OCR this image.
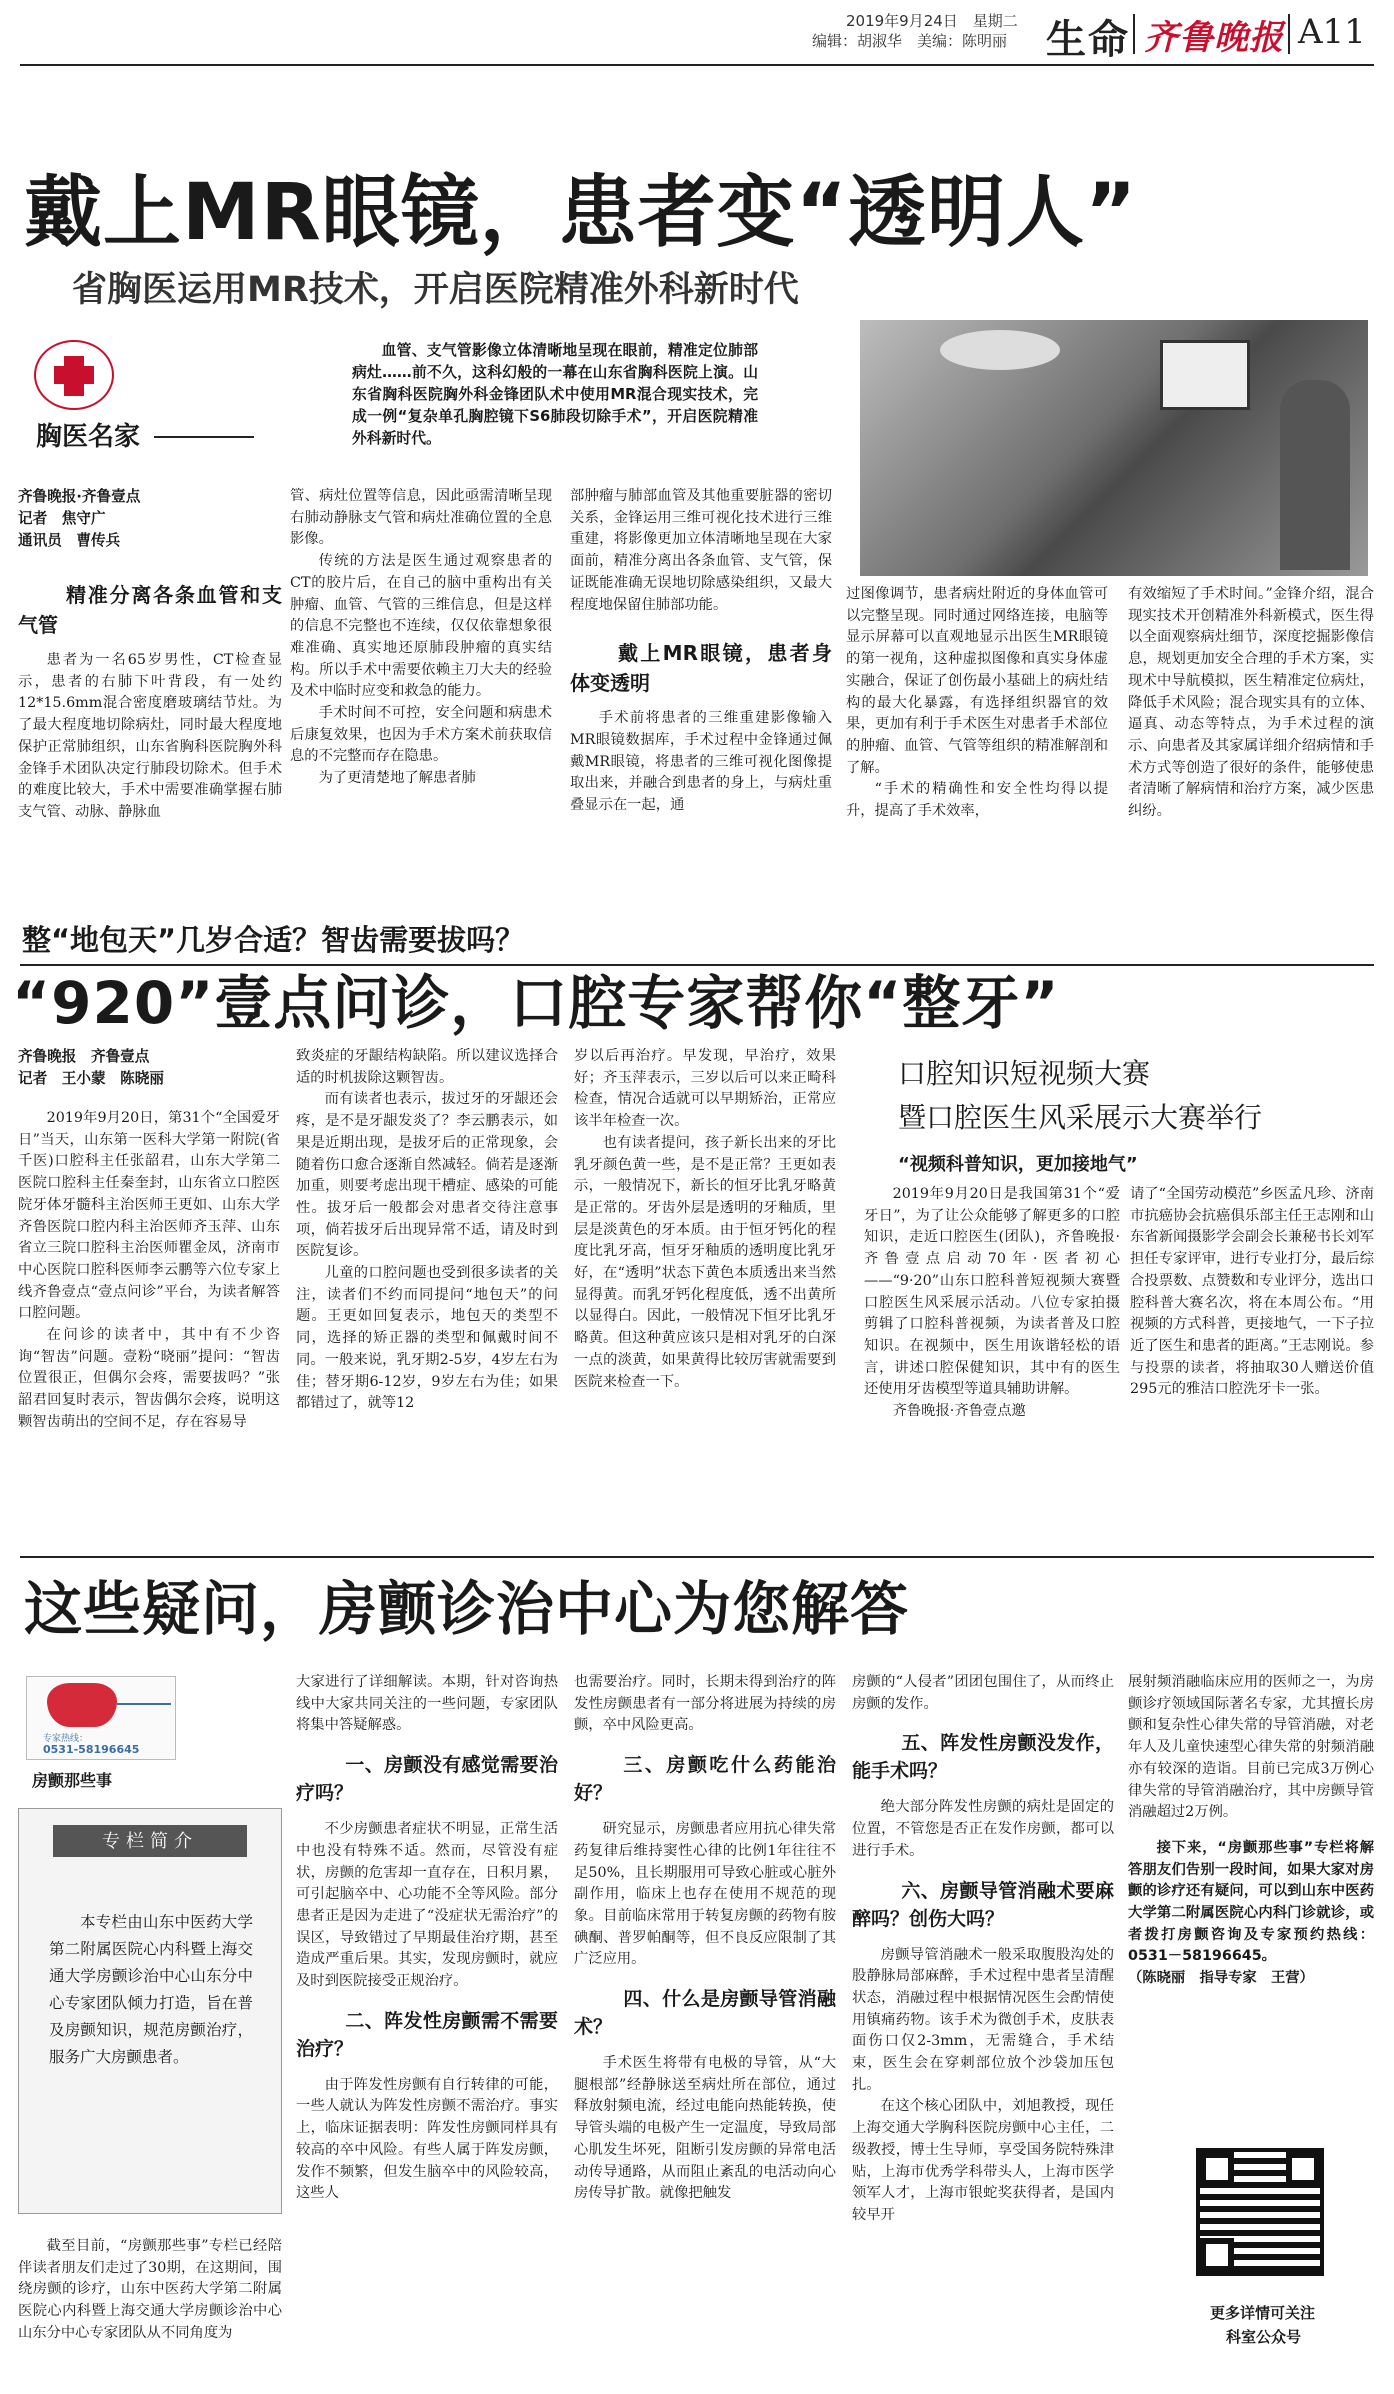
2019年9月24日　星期二
编辑：胡淑华　美编：陈明丽 生命 齐鲁晚报 A11
戴上MR眼镜，患者变“透明人”
省胸医运用MR技术，开启医院精准外科新时代
胸医名家

血管、支气管影像立体清晰地呈现在眼前，精准定位肺部病灶……前不久，这科幻般的一幕在山东省胸科医院上演。山东省胸科医院胸外科金锋团队术中使用MR混合现实技术，完成一例“复杂单孔胸腔镜下S6肺段切除手术”，开启医院精准外科新时代。

齐鲁晚报·齐鲁壹点

记者　焦守广

通讯员　曹传兵

精准分离各条血管和支气管

患者为一名65岁男性，CT检查显示，患者的右肺下叶背段，有一处约12*15.6mm混合密度磨玻璃结节灶。为了最大程度地切除病灶，同时最大程度地保护正常肺组织，山东省胸科医院胸外科金锋手术团队决定行肺段切除术。但手术的难度比较大，手术中需要准确掌握右肺支气管、动脉、静脉血

管、病灶位置等信息，因此亟需清晰呈现右肺动静脉支气管和病灶准确位置的全息影像。

传统的方法是医生通过观察患者的CT的胶片后，在自己的脑中重构出有关肿瘤、血管、气管的三维信息，但是这样的信息不完整也不连续，仅仅依靠想象很难准确、真实地还原肺段肿瘤的真实结构。所以手术中需要依赖主刀大夫的经验及术中临时应变和救急的能力。

手术时间不可控，安全问题和病患术后康复效果，也因为手术方案术前获取信息的不完整而存在隐患。

为了更清楚地了解患者肺

部肿瘤与肺部血管及其他重要脏器的密切关系，金锋运用三维可视化技术进行三维重建，将影像更加立体清晰地呈现在大家面前，精准分离出各条血管、支气管，保证既能准确无误地切除感染组织，又最大程度地保留住肺部功能。

戴上MR眼镜，患者身体变透明

手术前将患者的三维重建影像输入MR眼镜数据库，手术过程中金锋通过佩戴MR眼镜，将患者的三维可视化图像提取出来，并融合到患者的身上，与病灶重叠显示在一起，通

过图像调节，患者病灶附近的身体血管可以完整呈现。同时通过网络连接，电脑等显示屏幕可以直观地显示出医生MR眼镜的第一视角，这种虚拟图像和真实身体虚实融合，保证了创伤最小基础上的病灶结构的最大化暴露，有选择组织器官的效果，更加有利于手术医生对患者手术部位的肿瘤、血管、气管等组织的精准解剖和了解。

“手术的精确性和安全性均得以提升，提高了手术效率，

有效缩短了手术时间。”金锋介绍，混合现实技术开创精准外科新模式，医生得以全面观察病灶细节，深度挖掘影像信息，规划更加安全合理的手术方案，实现术中导航模拟，医生精准定位病灶，降低手术风险；混合现实具有的立体、逼真、动态等特点，为手术过程的演示、向患者及其家属详细介绍病情和手术方式等创造了很好的条件，能够使患者清晰了解病情和治疗方案，减少医患纠纷。

整“地包天”几岁合适？智齿需要拔吗？
“920”壹点问诊，口腔专家帮你“整牙”

齐鲁晚报　齐鲁壹点

记者　王小蒙　陈晓丽

2019年9月20日，第31个“全国爱牙日”当天，山东第一医科大学第一附院(省千医)口腔科主任张韶君，山东大学第二医院口腔科主任秦奎封，山东省立口腔医院牙体牙髓科主治医师王更如、山东大学齐鲁医院口腔内科主治医师齐玉萍、山东省立三院口腔科主治医师瞿金凤，济南市中心医院口腔科医师李云鹏等六位专家上线齐鲁壹点“壹点问诊”平台，为读者解答口腔问题。

在问诊的读者中，其中有不少咨询“智齿”问题。壹粉“晓丽”提问：“智齿位置很正，但偶尔会疼，需要拔吗？”张韶君回复时表示，智齿偶尔会疼，说明这颗智齿萌出的空间不足，存在容易导

致炎症的牙龈结构缺陷。所以建议选择合适的时机拔除这颗智齿。

而有读者也表示，拔过牙的牙龈还会疼，是不是牙龈发炎了？李云鹏表示，如果是近期出现，是拔牙后的正常现象，会随着伤口愈合逐渐自然减轻。倘若是逐渐加重，则要考虑出现干槽症、感染的可能性。拔牙后一般都会对患者交待注意事项，倘若拔牙后出现异常不适，请及时到医院复诊。

儿童的口腔问题也受到很多读者的关注，读者们不约而同提问“地包天”的问题。王更如回复表示，地包天的类型不同，选择的矫正器的类型和佩戴时间不同。一般来说，乳牙期2-5岁，4岁左右为佳；替牙期6-12岁，9岁左右为佳；如果都错过了，就等12

岁以后再治疗。早发现，早治疗，效果好；齐玉萍表示，三岁以后可以来正畸科检查，情况合适就可以早期矫治，正常应该半年检查一次。

也有读者提问，孩子新长出来的牙比乳牙颜色黄一些，是不是正常？王更如表示，一般情况下，新长的恒牙比乳牙略黄是正常的。牙齿外层是透明的牙釉质，里层是淡黄色的牙本质。由于恒牙钙化的程度比乳牙高，恒牙牙釉质的透明度比乳牙好，在“透明”状态下黄色本质透出来当然显得黄。而乳牙钙化程度低，透不出黄所以显得白。因此，一般情况下恒牙比乳牙略黄。但这种黄应该只是相对乳牙的白深一点的淡黄，如果黄得比较厉害就需要到医院来检查一下。

口腔知识短视频大赛
暨口腔医生风采展示大赛举行
“视频科普知识，更加接地气”

2019年9月20日是我国第31个“爱牙日”，为了让公众能够了解更多的口腔知识，走近口腔医生(团队)，齐鲁晚报·齐鲁壹点启动70年·医者初心——“9·20”山东口腔科普短视频大赛暨口腔医生风采展示活动。八位专家拍摄剪辑了口腔科普视频，为读者普及口腔知识。在视频中，医生用诙谐轻松的语言，讲述口腔保健知识，其中有的医生还使用牙齿模型等道具辅助讲解。

齐鲁晚报·齐鲁壹点邀

请了“全国劳动模范”乡医孟凡珍、济南市抗癌协会抗癌俱乐部主任王志刚和山东省新闻摄影学会副会长兼秘书长刘军担任专家评审，进行专业打分，最后综合投票数、点赞数和专业评分，选出口腔科普大赛名次，将在本周公布。“用视频的方式科普，更接地气，一下子拉近了医生和患者的距离。”王志刚说。参与投票的读者，将抽取30人赠送价值295元的雅洁口腔洗牙卡一张。

这些疑问，房颤诊治中心为您解答
专家热线：
0531-58196645
房颤那些事
专栏简介

本专栏由山东中医药大学第二附属医院心内科暨上海交通大学房颤诊治中心山东分中心专家团队倾力打造，旨在普及房颤知识，规范房颤治疗，服务广大房颤患者。

截至目前，“房颤那些事”专栏已经陪伴读者朋友们走过了30期，在这期间，围绕房颤的诊疗，山东中医药大学第二附属医院心内科暨上海交通大学房颤诊治中心山东分中心专家团队从不同角度为

大家进行了详细解读。本期，针对咨询热线中大家共同关注的一些问题，专家团队将集中答疑解惑。

一、房颤没有感觉需要治疗吗？

不少房颤患者症状不明显，正常生活中也没有特殊不适。然而，尽管没有症状，房颤的危害却一直存在，日积月累，可引起脑卒中、心功能不全等风险。部分患者正是因为走进了“没症状无需治疗”的误区，导致错过了早期最佳治疗期，甚至造成严重后果。其实，发现房颤时，就应及时到医院接受正规治疗。

二、阵发性房颤需不需要治疗？

由于阵发性房颤有自行转律的可能，一些人就认为阵发性房颤不需治疗。事实上，临床证据表明：阵发性房颤同样具有较高的卒中风险。有些人属于阵发房颤，发作不频繁，但发生脑卒中的风险较高，这些人

也需要治疗。同时，长期未得到治疗的阵发性房颤患者有一部分将进展为持续的房颤，卒中风险更高。

三、房颤吃什么药能治好？

研究显示，房颤患者应用抗心律失常药复律后维持窦性心律的比例1年往往不足50%，且长期服用可导致心脏或心脏外副作用，临床上也存在使用不规范的现象。目前临床常用于转复房颤的药物有胺碘酮、普罗帕酮等，但不良反应限制了其广泛应用。

四、什么是房颤导管消融术？

手术医生将带有电极的导管，从“大腿根部”经静脉送至病灶所在部位，通过释放射频电流，经过电能向热能转换，使导管头端的电极产生一定温度，导致局部心肌发生坏死，阻断引发房颤的异常电活动传导通路，从而阻止紊乱的电活动向心房传导扩散。就像把触发

房颤的“人侵者”团团包围住了，从而终止房颤的发作。

五、阵发性房颤没发作，能手术吗？

绝大部分阵发性房颤的病灶是固定的位置，不管您是否正在发作房颤，都可以进行手术。

六、房颤导管消融术要麻醉吗？创伤大吗？

房颤导管消融术一般采取腹股沟处的股静脉局部麻醉，手术过程中患者呈清醒状态，消融过程中根据情况医生会酌情使用镇痛药物。该手术为微创手术，皮肤表面伤口仅2-3mm，无需缝合，手术结束，医生会在穿刺部位放个沙袋加压包扎。

在这个核心团队中，刘旭教授，现任上海交通大学胸科医院房颤中心主任，二级教授，博士生导师，享受国务院特殊津贴，上海市优秀学科带头人，上海市医学领军人才，上海市银蛇奖获得者，是国内较早开

展射频消融临床应用的医师之一，为房颤诊疗领域国际著名专家，尤其擅长房颤和复杂性心律失常的导管消融，对老年人及儿童快速型心律失常的射频消融亦有较深的造诣。目前已完成3万例心律失常的导管消融治疗，其中房颤导管消融超过2万例。

接下来，“房颤那些事”专栏将解答朋友们告别一段时间，如果大家对房颤的诊疗还有疑问，可以到山东中医药大学第二附属医院心内科门诊就诊，或者拨打房颤咨询及专家预约热线：0531－58196645。

（陈晓丽　指导专家　王营）

更多详情可关注
科室公众号
